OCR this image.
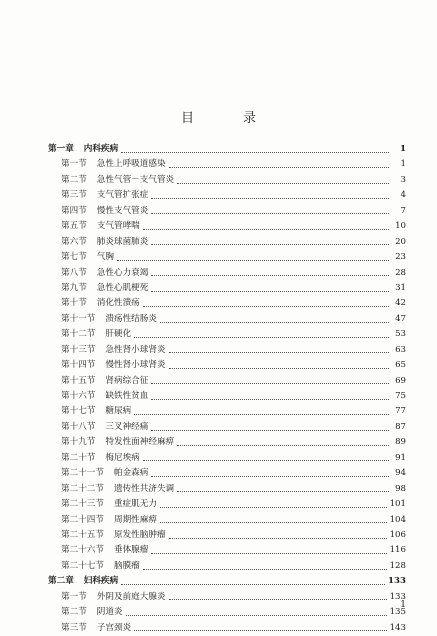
目　录
第一章 内科疾病	1
第一节 急性上呼吸道感染	1
第二节 急性气管－支气管炎	3
第三节 支气管扩张症	4
第四节 慢性支气管炎	7
第五节 支气管哮喘	10
第六节 肺炎球菌肺炎	20
第七节 气胸	23
第八节 急性心力衰竭	28
第九节 急性心肌梗死	31
第十节 消化性溃疡	42
第十一节 溃疡性结肠炎	47
第十二节 肝硬化	53
第十三节 急性肾小球肾炎	63
第十四节 慢性肾小球肾炎	65
第十五节 肾病综合征	69
第十六节 缺铁性贫血	75
第十七节 糖尿病	77
第十八节 三叉神经痛	87
第十九节 特发性面神经麻痹	89
第二十节 梅尼埃病	91
第二十一节 帕金森病	94
第二十二节 遗传性共济失调	98
第二十三节 重症肌无力	101
第二十四节 周期性麻痹	104
第二十五节 原发性脑肿瘤	106
第二十六节 垂体腺瘤	116
第二十七节 脑膜瘤	128
第二章 妇科疾病	133
第一节 外阴及前庭大腺炎	133
第二节 阴道炎	135
第三节 子宫颈炎	143
1
